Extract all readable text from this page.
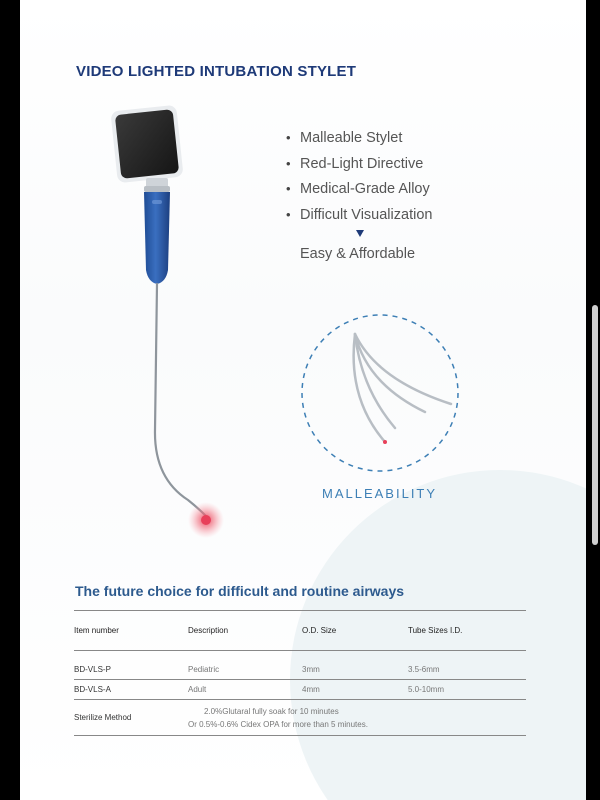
VIDEO LIGHTED INTUBATION STYLET
• Malleable Stylet
• Red-Light Directive
• Medical-Grade Alloy
• Difficult Visualization

Easy & Affordable

MALLEABILITY

The future choice for difficult and routine airways
Item number	Description	O.D. Size	Tube Sizes I.D.

BD-VLS-P	Pediatric	3mm	3.5-6mm
BD-VLS-A	Adult	4mm	5.0-10mm
Sterilize Method	2.0%Glutaral fully soak for 10 minutes
Or 0.5%-0.6% Cidex OPA for more than 5 minutes.		
